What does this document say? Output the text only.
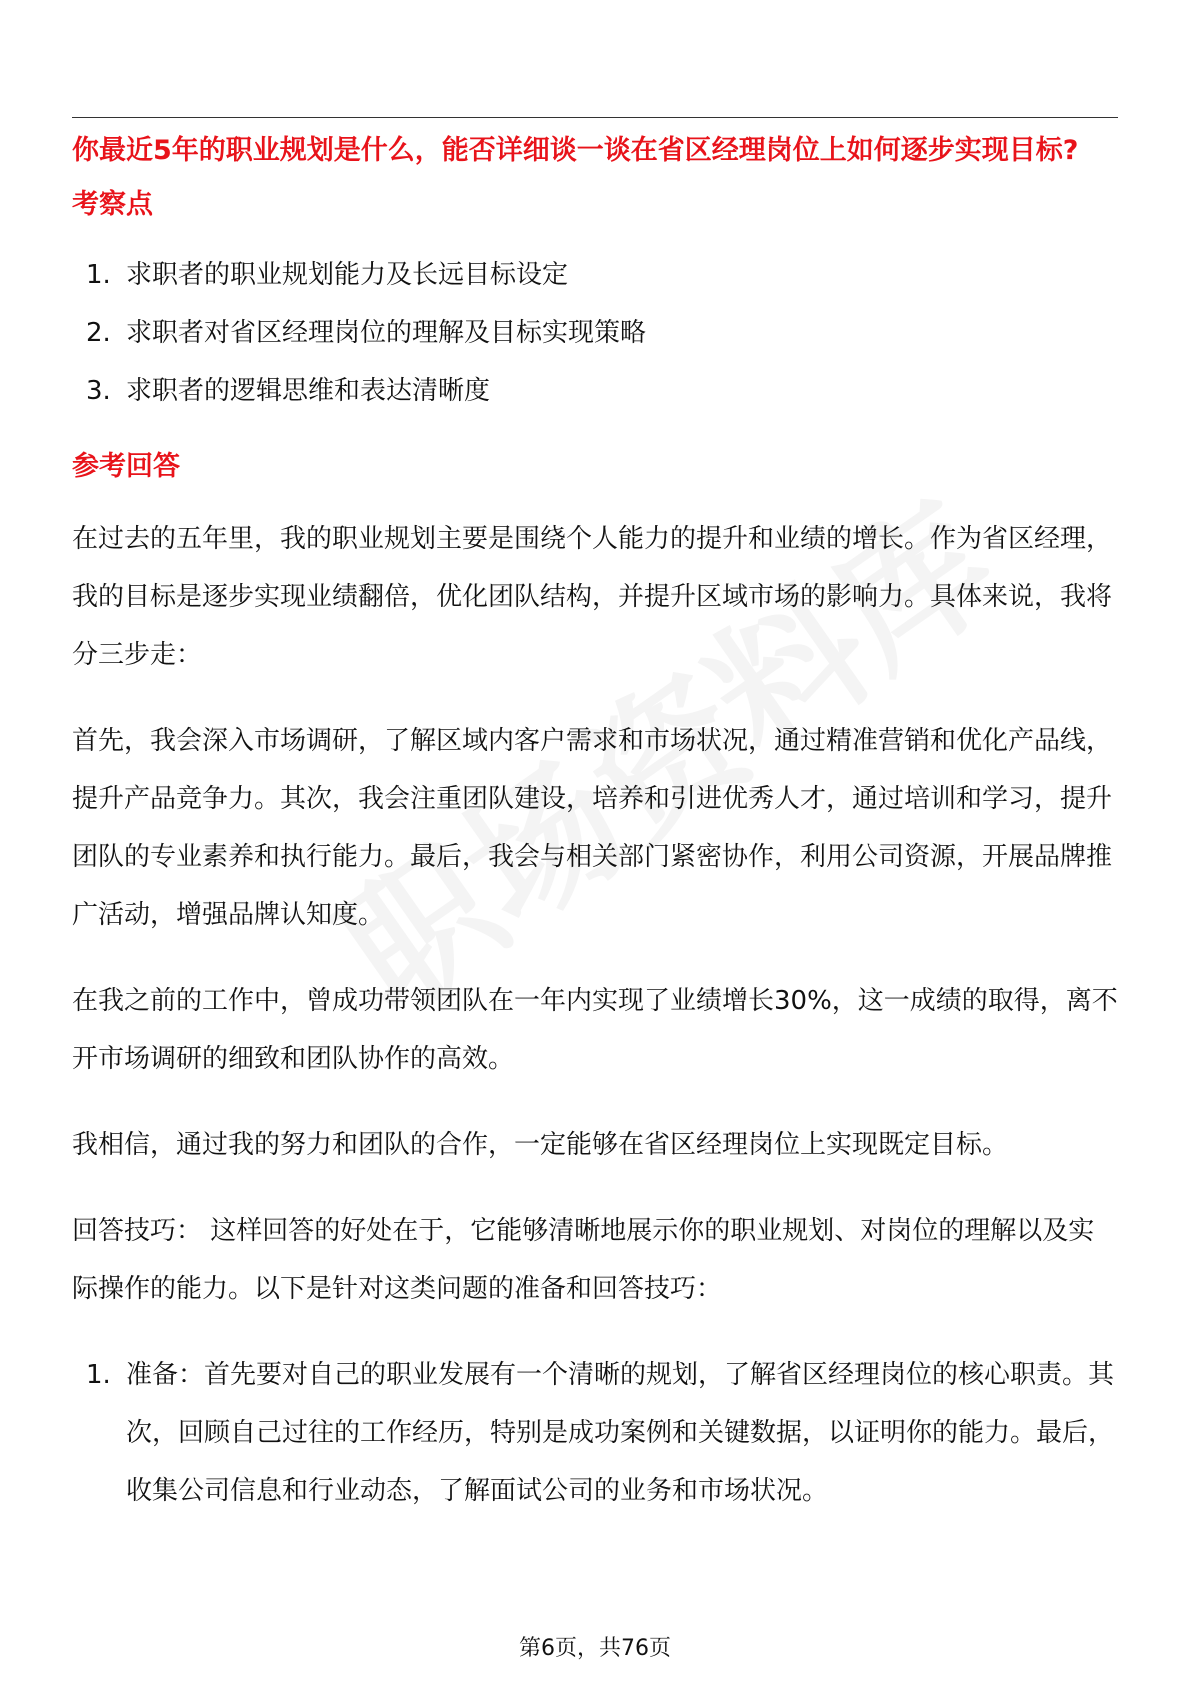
你最近5年的职业规划是什么，能否详细谈一谈在省区经理岗位上如何逐步实现目标?
考察点
1. 求职者的职业规划能力及长远目标设定
2. 求职者对省区经理岗位的理解及目标实现策略
3. 求职者的逻辑思维和表达清晰度
参考回答

在过去的五年里，我的职业规划主要是围绕个人能力的提升和业绩的增长。作为省区经理，我的目标是逐步实现业绩翻倍，优化团队结构，并提升区域市场的影响力。具体来说，我将分三步走：

首先，我会深入市场调研，了解区域内客户需求和市场状况，通过精准营销和优化产品线，提升产品竞争力。其次，我会注重团队建设，培养和引进优秀人才，通过培训和学习，提升团队的专业素养和执行能力。最后，我会与相关部门紧密协作，利用公司资源，开展品牌推广活动，增强品牌认知度。

在我之前的工作中，曾成功带领团队在一年内实现了业绩增长30%，这一成绩的取得，离不开市场调研的细致和团队协作的高效。

我相信，通过我的努力和团队的合作，一定能够在省区经理岗位上实现既定目标。

回答技巧： 这样回答的好处在于，它能够清晰地展示你的职业规划、对岗位的理解以及实际操作的能力。以下是针对这类问题的准备和回答技巧：

1. 准备：首先要对自己的职业发展有一个清晰的规划，了解省区经理岗位的核心职责。其次，回顾自己过往的工作经历，特别是成功案例和关键数据，以证明你的能力。最后，收集公司信息和行业动态，了解面试公司的业务和市场状况。
第6页，共76页
